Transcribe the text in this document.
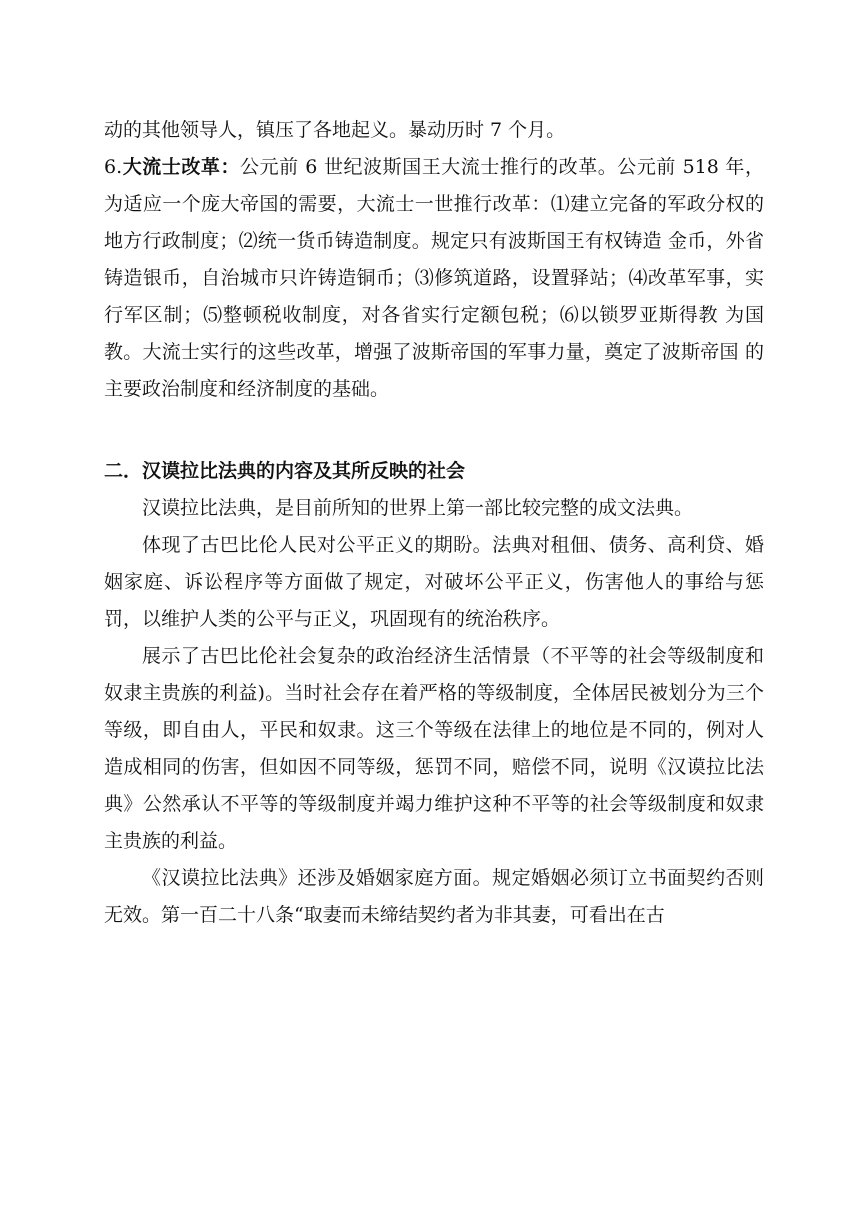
动的其他领导人，镇压了各地起义。暴动历时 7 个月。

6.大流士改革：公元前 6 世纪波斯国王大流士推行的改革。公元前 518 年，为适应一个庞大帝国的需要，大流士一世推行改革：⑴建立完备的军政分权的地方行政制度；⑵统一货币铸造制度。规定只有波斯国王有权铸造 金币，外省铸造银币，自治城市只许铸造铜币；⑶修筑道路，设置驿站；⑷改革军事，实行军区制；⑸整顿税收制度，对各省实行定额包税；⑹以锁罗亚斯得教 为国教。大流士实行的这些改革，增强了波斯帝国的军事力量，奠定了波斯帝国 的主要政治制度和经济制度的基础。

二．汉谟拉比法典的内容及其所反映的社会

汉谟拉比法典，是目前所知的世界上第一部比较完整的成文法典。

体现了古巴比伦人民对公平正义的期盼。法典对租佃、债务、高利贷、婚姻家庭、诉讼程序等方面做了规定，对破坏公平正义，伤害他人的事给与惩罚，以维护人类的公平与正义，巩固现有的统治秩序。

展示了古巴比伦社会复杂的政治经济生活情景（不平等的社会等级制度和奴隶主贵族的利益)。当时社会存在着严格的等级制度，全体居民被划分为三个等级，即自由人，平民和奴隶。这三个等级在法律上的地位是不同的，例对人造成相同的伤害，但如因不同等级，惩罚不同，赔偿不同，说明《汉谟拉比法典》公然承认不平等的等级制度并竭力维护这种不平等的社会等级制度和奴隶主贵族的利益。

《汉谟拉比法典》还涉及婚姻家庭方面。规定婚姻必须订立书面契约否则无效。第一百二十八条“取妻而未缔结契约者为非其妻，可看出在古
